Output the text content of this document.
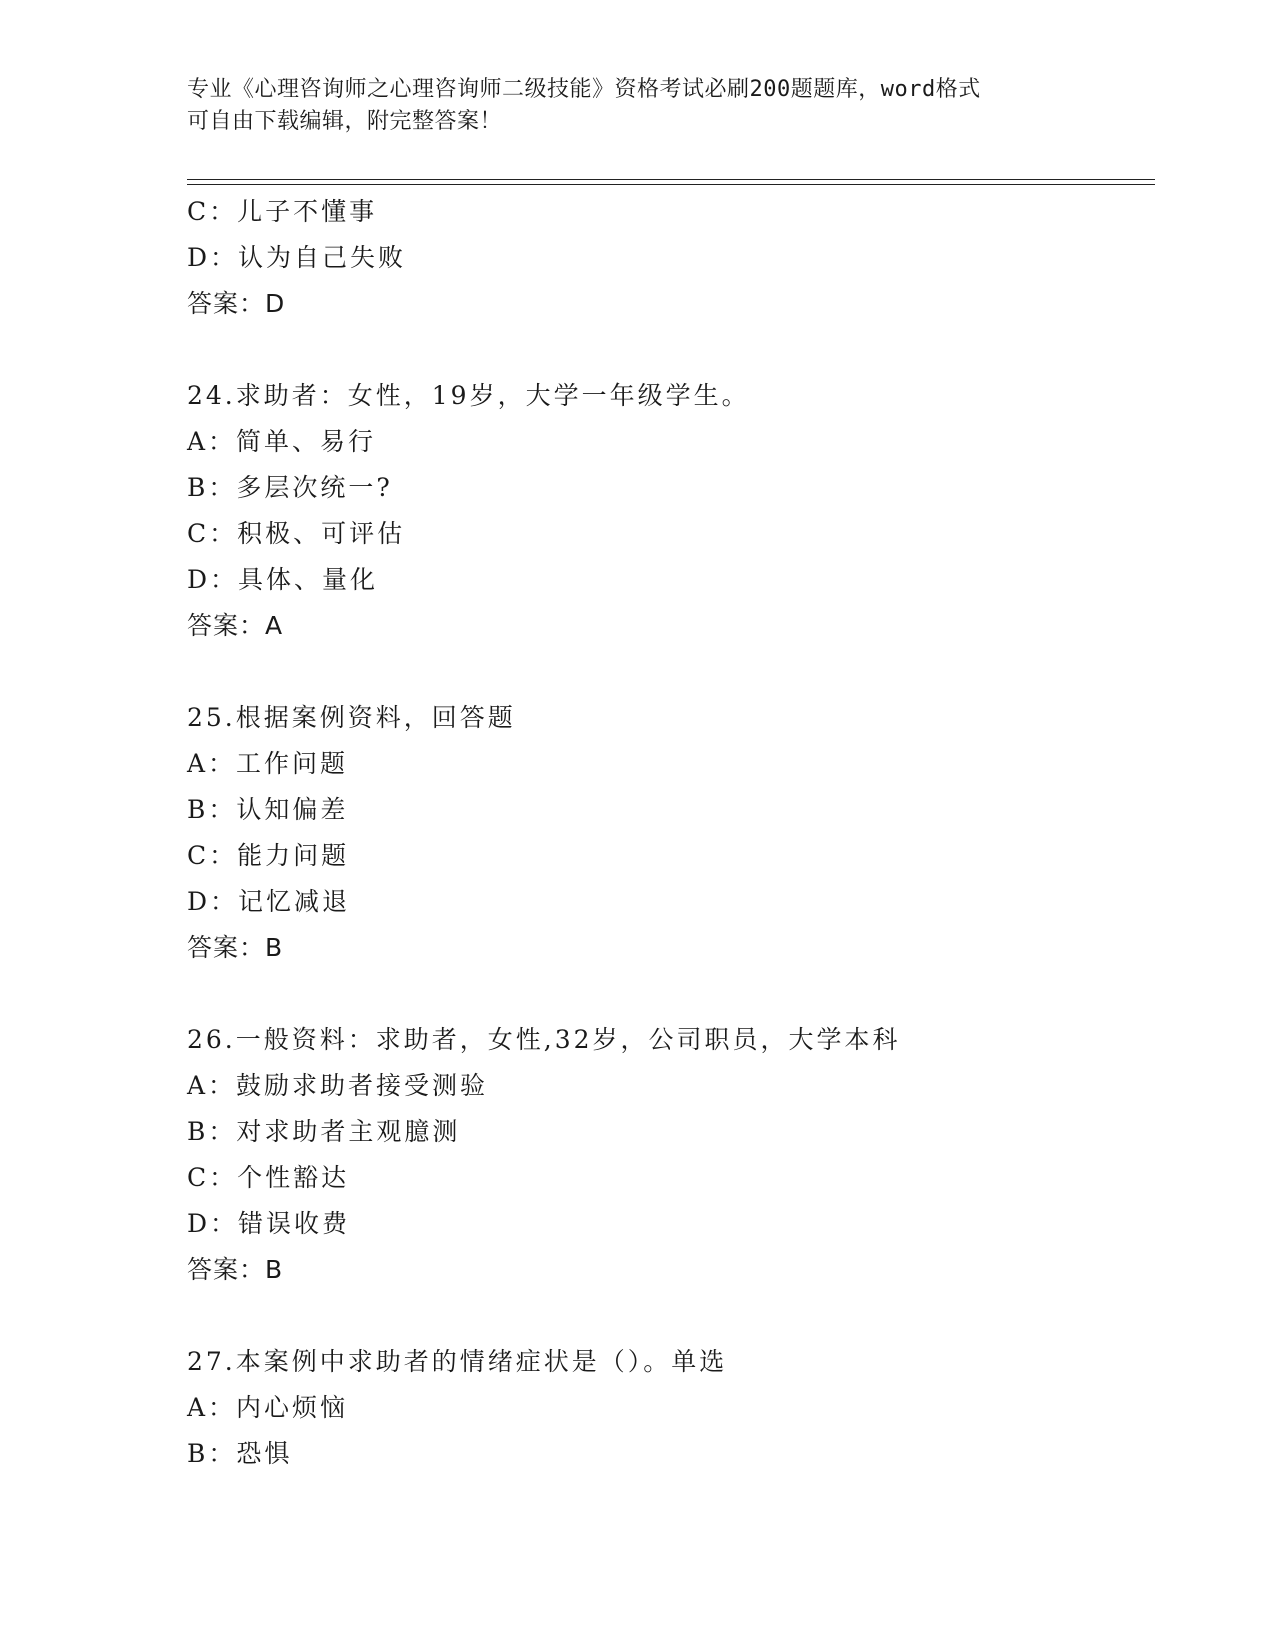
专业《心理咨询师之心理咨询师二级技能》资格考试必刷200题题库，word格式
可自由下载编辑，附完整答案！
C：儿子不懂事
D：认为自己失败
答案：D
24.求助者：女性，19岁，大学一年级学生。
A：简单、易行
B：多层次统一?
C：积极、可评估
D：具体、量化
答案：A
25.根据案例资料，回答题
A：工作问题
B：认知偏差
C：能力问题
D：记忆减退
答案：B
26.一般资料：求助者，女性,32岁，公司职员，大学本科
A：鼓励求助者接受测验
B：对求助者主观臆测
C：个性豁达
D：错误收费
答案：B
27.本案例中求助者的情绪症状是（）。单选
A：内心烦恼
B：恐惧
